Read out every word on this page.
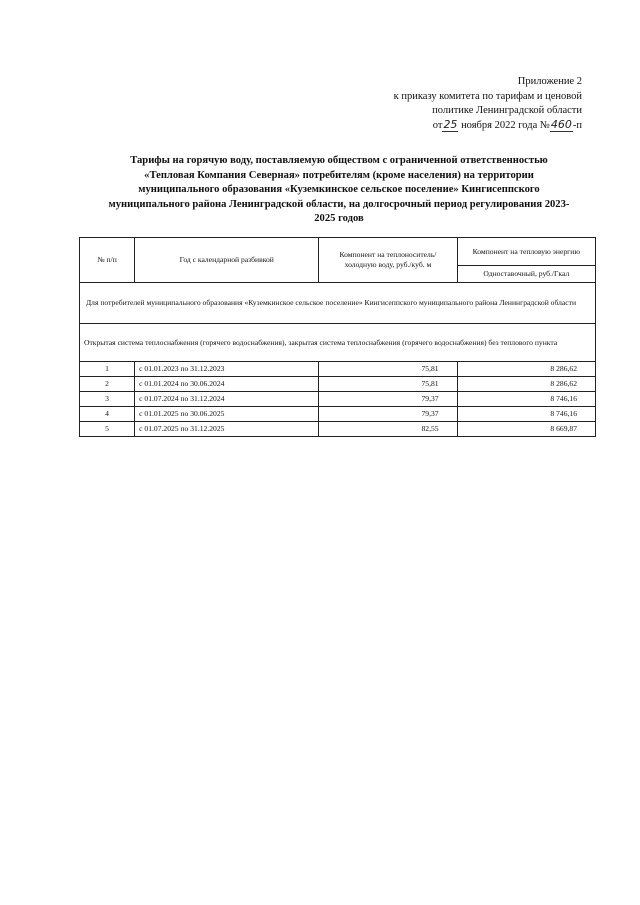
Приложение 2
к приказу комитета по тарифам и ценовой
политике Ленинградской области
от25 ноября 2022 года №460-п
Тарифы на горячую воду, поставляемую обществом с ограниченной ответственностью
«Тепловая Компания Северная» потребителям (кроме населения) на территории
муниципального образования «Куземкинское сельское поселение» Кингисеппского
муниципального района Ленинградской области, на долгосрочный период регулирования 2023-
2025 годов
№ п/п	Год с календарной разбивкой	Компонент на теплоноситель/ холодную воду, руб./куб. м	Компонент на тепловую энергию
			Одноставочный, руб./Гкал
Для потребителей муниципального образования «Куземкинское сельское поселение» Кингисеппского муниципального района Ленинградской области			
Открытая система теплоснабжения (горячего водоснабжения), закрытая система теплоснабжения (горячего водоснабжения) без теплового пункта			
1	с 01.01.2023 по 31.12.2023	75,81	8 286,62
2	с 01.01.2024 по 30.06.2024	75,81	8 286,62
3	с 01.07.2024 по 31.12.2024	79,37	8 746,16
4	с 01.01.2025 по 30.06.2025	79,37	8 746,16
5	с 01.07.2025 по 31.12.2025	82,55	8 669,87
